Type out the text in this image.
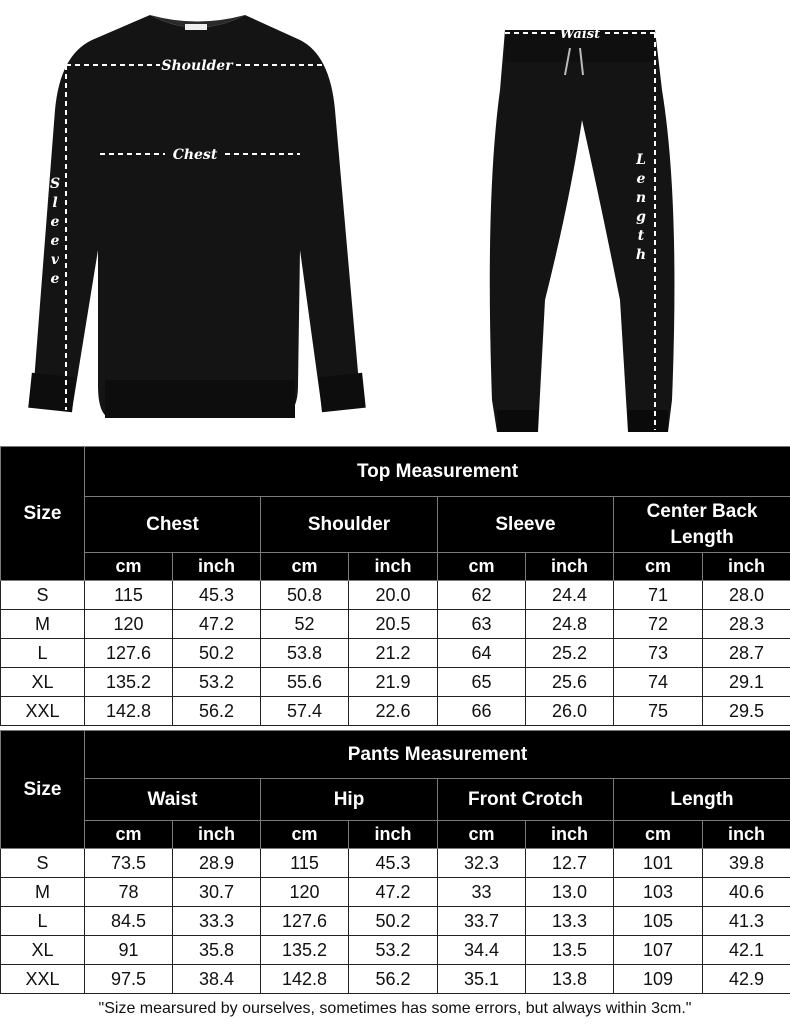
Shoulder
Chest
S l e e v e
Waist
L e n g t h
Size	Top Measurement							
	Chest		Shoulder		Sleeve		Center Back Length	
	cm	inch	cm	inch	cm	inch	cm	inch
S	115	45.3	50.8	20.0	62	24.4	71	28.0
M	120	47.2	52	20.5	63	24.8	72	28.3
L	127.6	50.2	53.8	21.2	64	25.2	73	28.7
XL	135.2	53.2	55.6	21.9	65	25.6	74	29.1
XXL	142.8	56.2	57.4	22.6	66	26.0	75	29.5
Size	Pants Measurement							
	Waist		Hip		Front Crotch		Length	
	cm	inch	cm	inch	cm	inch	cm	inch
S	73.5	28.9	115	45.3	32.3	12.7	101	39.8
M	78	30.7	120	47.2	33	13.0	103	40.6
L	84.5	33.3	127.6	50.2	33.7	13.3	105	41.3
XL	91	35.8	135.2	53.2	34.4	13.5	107	42.1
XXL	97.5	38.4	142.8	56.2	35.1	13.8	109	42.9
"Size mearsured by ourselves, sometimes has some errors, but always within 3cm."
